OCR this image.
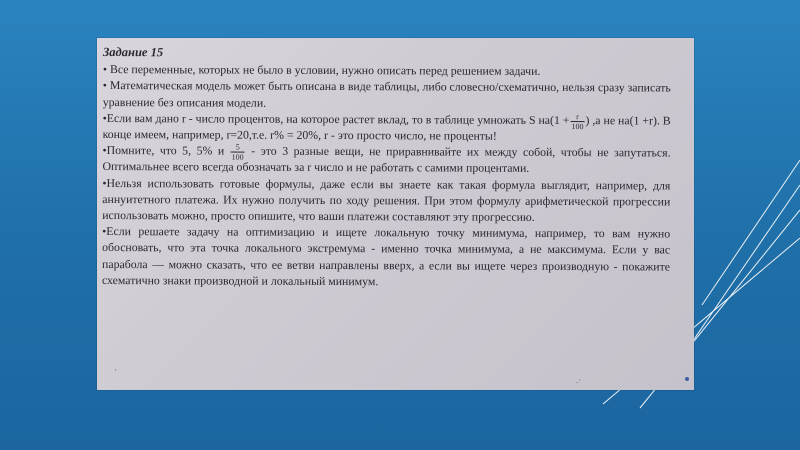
Задание 15

• Все переменные, которых не было в условии, нужно описать перед решением задачи.

• Математическая модель может быть описана в виде таблицы, либо словесно/схематично, нельзя сразу записать уравнение без описания модели.

•Если вам дано r - число процентов, на которое растет вклад, то в таблице умножать S $на(1 + \frac{r}{100}$ ) ,а не на(1 +r). В конце имеем, например, r=20,т.е. r% = 20%, r - это просто число, не проценты!

•Помните, что 5, 5% и $\frac{5}{100}$ - это 3 разные вещи, не приравнивайте их между собой, чтобы не запутаться. Оптимальнее всего всегда обозначать за r число и не работать с самими процентами.

•Нельзя использовать готовые формулы, даже если вы знаете как такая формула выглядит, например, для аннуитетного платежа. Их нужно получить по ходу решения. При этом формулу арифметической прогрессии использовать можно, просто опишите, что ваши платежи составляют эту прогрессию.

•Если решаете задачу на оптимизацию и ищете локальную точку минимума, например, то вам нужно обосновать, что эта точка локального экстремума - именно точка минимума, а не максимума. Если у вас парабола — можно сказать, что ее ветви направлены вверх, а если вы ищете через производную - покажите схематично знаки производной и локальный минимум.

.·
·
